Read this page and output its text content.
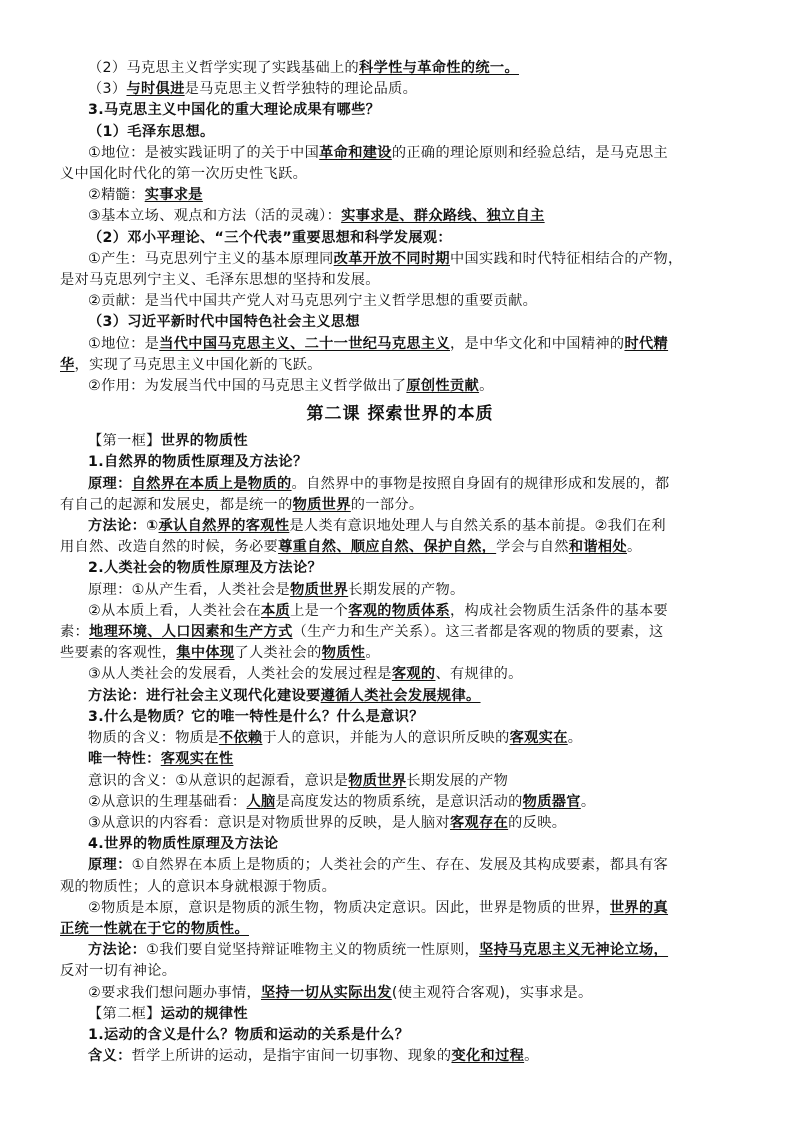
（2）马克思主义哲学实现了实践基础上的科学性与革命性的统一。
（3）与时俱进是马克思主义哲学独特的理论品质。
3.马克思主义中国化的重大理论成果有哪些？
（1）毛泽东思想。
①地位：是被实践证明了的关于中国革命和建设的正确的理论原则和经验总结，是马克思主
义中国化时代化的第一次历史性飞跃。
②精髓：实事求是
③基本立场、观点和方法（活的灵魂）：实事求是、群众路线、独立自主
（2）邓小平理论、“三个代表”重要思想和科学发展观：
①产生：马克思列宁主义的基本原理同改革开放不同时期中国实践和时代特征相结合的产物，
是对马克思列宁主义、毛泽东思想的坚持和发展。
②贡献：是当代中国共产党人对马克思列宁主义哲学思想的重要贡献。
（3）习近平新时代中国特色社会主义思想
①地位：是当代中国马克思主义、二十一世纪马克思主义，是中华文化和中国精神的时代精
华，实现了马克思主义中国化新的飞跃。
②作用：为发展当代中国的马克思主义哲学做出了原创性贡献。
第二课 探索世界的本质
【第一框】世界的物质性
1.自然界的物质性原理及方法论？
原理：自然界在本质上是物质的。自然界中的事物是按照自身固有的规律形成和发展的，都
有自己的起源和发展史，都是统一的物质世界的一部分。
方法论：①承认自然界的客观性是人类有意识地处理人与自然关系的基本前提。②我们在利
用自然、改造自然的时候，务必要尊重自然、顺应自然、保护自然，学会与自然和谐相处。
2.人类社会的物质性原理及方法论？
原理：①从产生看，人类社会是物质世界长期发展的产物。
②从本质上看，人类社会在本质上是一个客观的物质体系，构成社会物质生活条件的基本要
素：地理环境、人口因素和生产方式（生产力和生产关系）。这三者都是客观的物质的要素，这
些要素的客观性，集中体现了人类社会的物质性。
③从人类社会的发展看，人类社会的发展过程是客观的、有规律的。
方法论：进行社会主义现代化建设要遵循人类社会发展规律。
3.什么是物质？它的唯一特性是什么？什么是意识？
物质的含义：物质是不依赖于人的意识，并能为人的意识所反映的客观实在。
唯一特性：客观实在性
意识的含义：①从意识的起源看，意识是物质世界长期发展的产物
②从意识的生理基础看：人脑是高度发达的物质系统，是意识活动的物质器官。
③从意识的内容看：意识是对物质世界的反映，是人脑对客观存在的反映。
4.世界的物质性原理及方法论
原理：①自然界在本质上是物质的；人类社会的产生、存在、发展及其构成要素，都具有客
观的物质性；人的意识本身就根源于物质。
②物质是本原，意识是物质的派生物，物质决定意识。因此，世界是物质的世界，世界的真
正统一性就在于它的物质性。
方法论：①我们要自觉坚持辩证唯物主义的物质统一性原则，坚持马克思主义无神论立场，
反对一切有神论。
②要求我们想问题办事情，坚持一切从实际出发(使主观符合客观)，实事求是。
【第二框】运动的规律性
1.运动的含义是什么？物质和运动的关系是什么？
含义：哲学上所讲的运动，是指宇宙间一切事物、现象的变化和过程。
